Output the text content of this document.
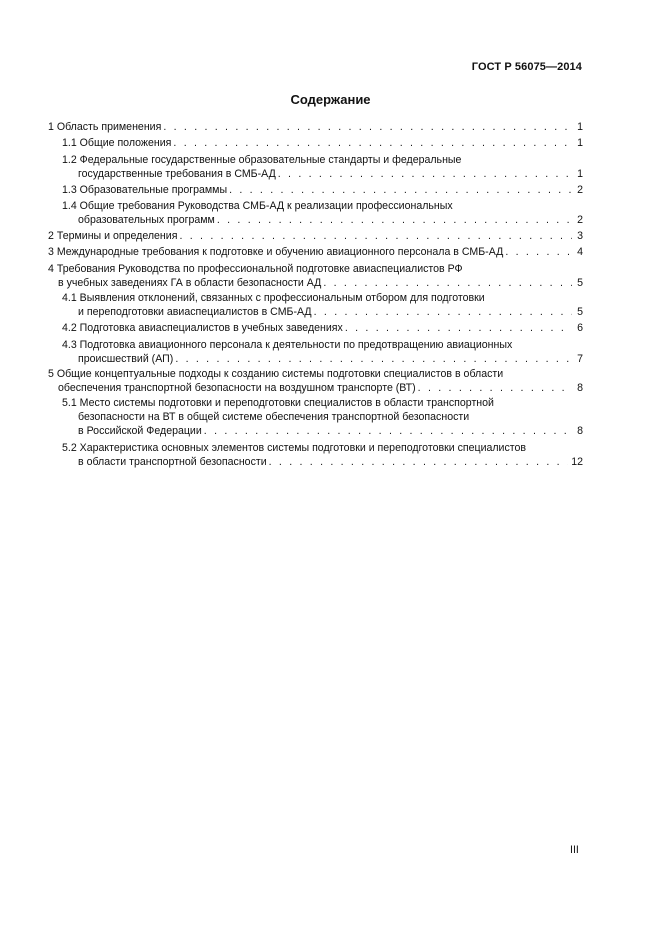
ГОСТ Р 56075—2014
Содержание
1 Область применения . . .	1
1.1 Общие положения . . .	1
1.2 Федеральные государственные образовательные стандарты и федеральные
государственные требования в СМБ-АД . . .	1
1.3 Образовательные программы . . .	2
1.4 Общие требования Руководства СМБ-АД к реализации профессиональных
образовательных программ . . .	2
2 Термины и определения . . .	3
3 Международные требования к подготовке и обучению авиационного персонала в СМБ-АД . . .	4
4 Требования Руководства по профессиональной подготовке авиаспециалистов РФ
в учебных заведениях ГА в области безопасности АД . . .	5
4.1 Выявления отклонений, связанных с профессиональным отбором для подготовки
и переподготовки авиаспециалистов в СМБ-АД . . .	5
4.2 Подготовка авиаспециалистов в учебных заведениях . . .	6
4.3 Подготовка авиационного персонала к деятельности по предотвращению авиационных
происшествий (АП) . . .	7
5 Общие концептуальные подходы к созданию системы подготовки специалистов в области
обеспечения транспортной безопасности на воздушном транспорте (ВТ) . . .	8
5.1 Место системы подготовки и переподготовки специалистов в области транспортной
безопасности на ВТ в общей системе обеспечения транспортной безопасности
в Российской Федерации . . .	8
5.2 Характеристика основных элементов системы подготовки и переподготовки специалистов
в области транспортной безопасности . . .	12
III
